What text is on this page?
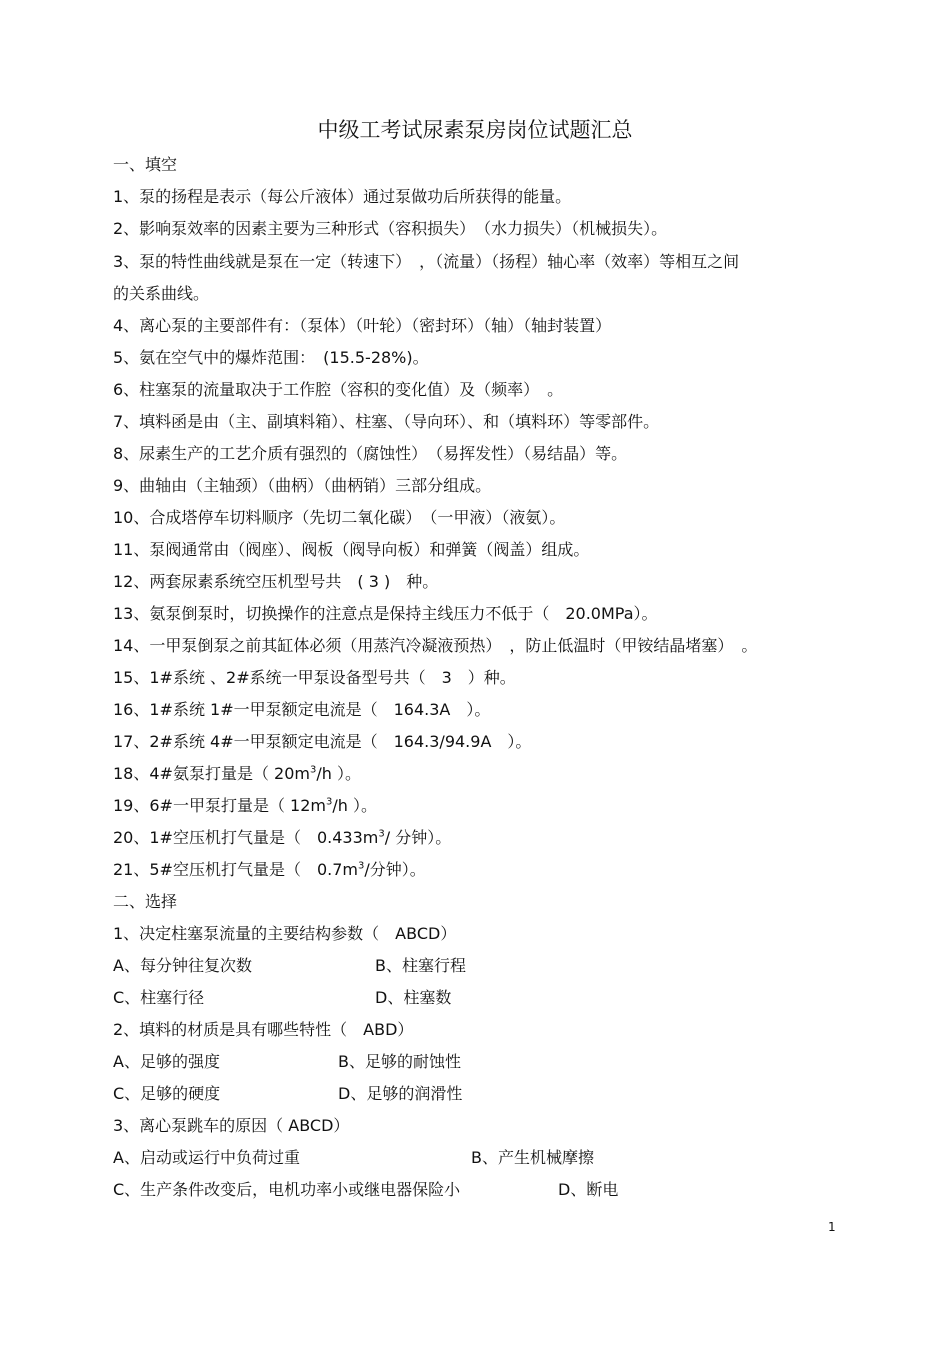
中级工考试尿素泵房岗位试题汇总
一、填空
1、泵的扬程是表示（每公斤液体）通过泵做功后所获得的能量。
2、影响泵效率的因素主要为三种形式（容积损失）　（水力损失）（机械损失）。
3、泵的特性曲线就是泵在一定（转速下）　，（流量）（扬程）轴心率（效率）等相互之间
的关系曲线。
4、离心泵的主要部件有：（泵体）（叶轮）（密封环）（轴）（轴封装置）
5、氨在空气中的爆炸范围：　(15.5-28%)。
6、柱塞泵的流量取决于工作腔（容积的变化值）及（频率）　。
7、填料函是由（主、副填料箱）、柱塞、（导向环）、和（填料环）等零部件。
8、尿素生产的工艺介质有强烈的（腐蚀性）　（易挥发性）（易结晶）等。
9、曲轴由（主轴颈）（曲柄）（曲柄销）三部分组成。
10、合成塔停车切料顺序（先切二氧化碳）　（一甲液）（液氨）。
11、泵阀通常由（阀座）、阀板（阀导向板）和弹簧（阀盖）组成。
12、两套尿素系统空压机型号共　( 3 )　种。
13、氨泵倒泵时，切换操作的注意点是保持主线压力不低于（　20.0MPa）。
14、一甲泵倒泵之前其缸体必须（用蒸汽冷凝液预热）　，防止低温时（甲铵结晶堵塞）　。
15、1#系统 、2#系统一甲泵设备型号共（　3　）种。
16、1#系统 1#一甲泵额定电流是（　164.3A　）。
17、2#系统 4#一甲泵额定电流是（　164.3/94.9A　）。
18、4#氨泵打量是（ $20m^3/h$ ）。
19、6#一甲泵打量是（ $12m^3/h$ ）。
20、1#空压机打气量是（　$0.433m^3/$ 分钟）。
21、5#空压机打气量是（　$0.7m^3/$分钟）。
二、选择
1、决定柱塞泵流量的主要结构参数（　ABCD）
A、每分钟往复次数	B、柱塞行程
C、柱塞行径	D、柱塞数
2、填料的材质是具有哪些特性（　ABD）
A、足够的强度	B、足够的耐蚀性
C、足够的硬度	D、足够的润滑性
3、离心泵跳车的原因（ ABCD）
A、启动或运行中负荷过重	B、产生机械摩擦
C、生产条件改变后，电机功率小或继电器保险小	D、断电
1
